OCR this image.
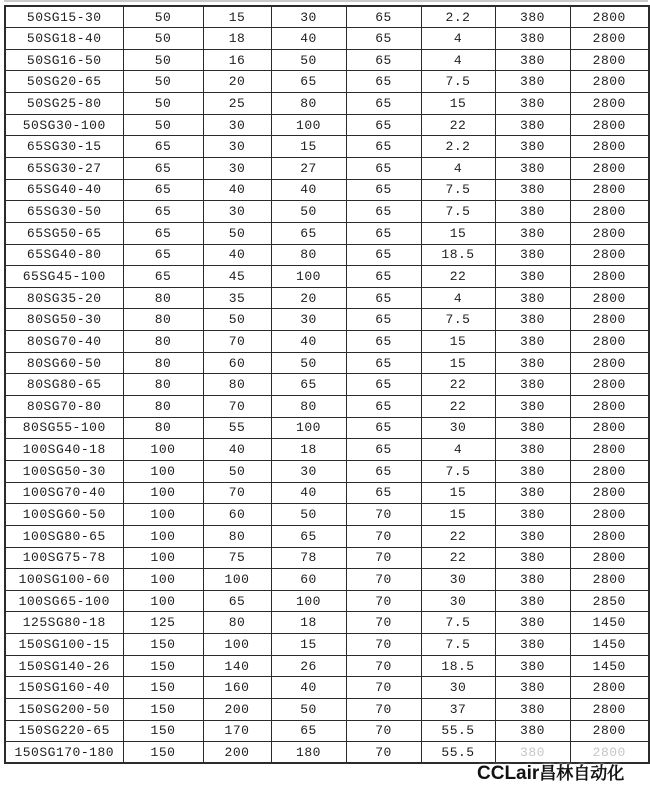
50SG15-30	50	15	30	65	2.2	380	2800
50SG18-40	50	18	40	65	4	380	2800
50SG16-50	50	16	50	65	4	380	2800
50SG20-65	50	20	65	65	7.5	380	2800
50SG25-80	50	25	80	65	15	380	2800
50SG30-100	50	30	100	65	22	380	2800
65SG30-15	65	30	15	65	2.2	380	2800
65SG30-27	65	30	27	65	4	380	2800
65SG40-40	65	40	40	65	7.5	380	2800
65SG30-50	65	30	50	65	7.5	380	2800
65SG50-65	65	50	65	65	15	380	2800
65SG40-80	65	40	80	65	18.5	380	2800
65SG45-100	65	45	100	65	22	380	2800
80SG35-20	80	35	20	65	4	380	2800
80SG50-30	80	50	30	65	7.5	380	2800
80SG70-40	80	70	40	65	15	380	2800
80SG60-50	80	60	50	65	15	380	2800
80SG80-65	80	80	65	65	22	380	2800
80SG70-80	80	70	80	65	22	380	2800
80SG55-100	80	55	100	65	30	380	2800
100SG40-18	100	40	18	65	4	380	2800
100SG50-30	100	50	30	65	7.5	380	2800
100SG70-40	100	70	40	65	15	380	2800
100SG60-50	100	60	50	70	15	380	2800
100SG80-65	100	80	65	70	22	380	2800
100SG75-78	100	75	78	70	22	380	2800
100SG100-60	100	100	60	70	30	380	2800
100SG65-100	100	65	100	70	30	380	2850
125SG80-18	125	80	18	70	7.5	380	1450
150SG100-15	150	100	15	70	7.5	380	1450
150SG140-26	150	140	26	70	18.5	380	1450
150SG160-40	150	160	40	70	30	380	2800
150SG200-50	150	200	50	70	37	380	2800
150SG220-65	150	170	65	70	55.5	380	2800
150SG170-180	150	200	180	70	55.5	380	2800
CCLair昌林自动化
